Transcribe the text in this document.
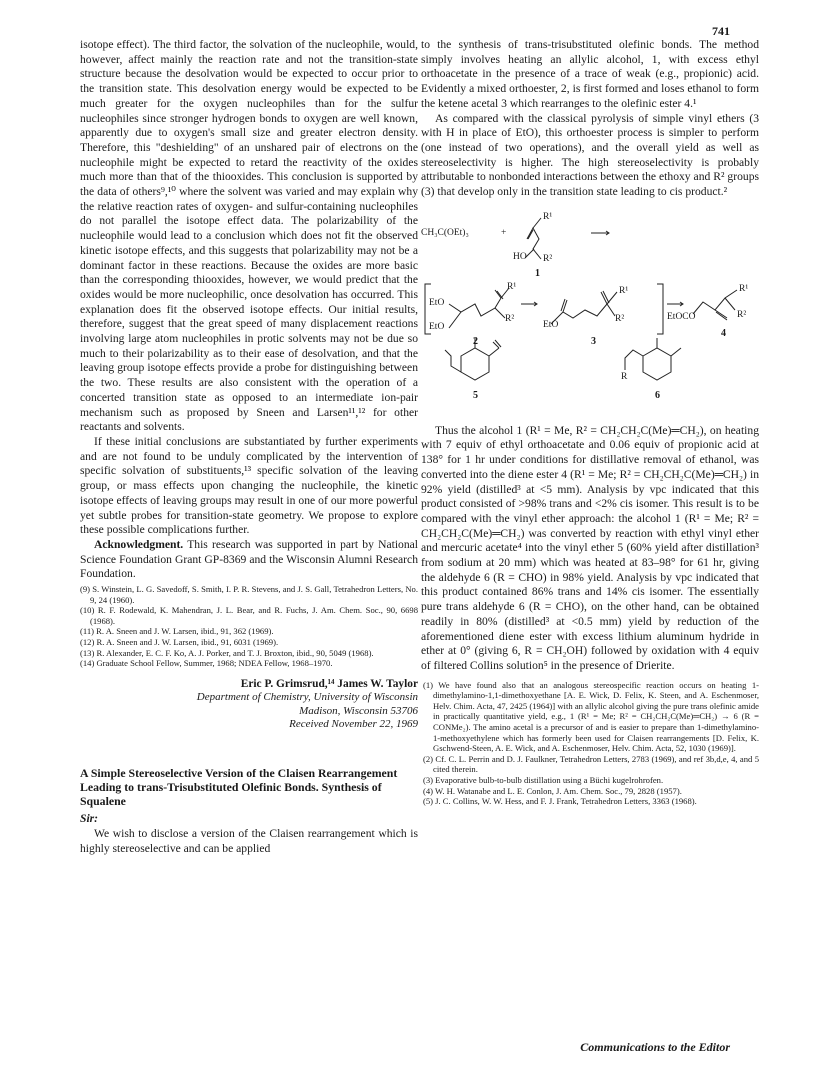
741

isotope effect). The third factor, the solvation of the nucleophile, would, however, affect mainly the reaction rate and not the transition-state structure because the desolvation would be expected to occur prior to the transition state. This desolvation energy would be expected to be much greater for the oxygen nucleophiles than for the sulfur nucleophiles since stronger hydrogen bonds to oxygen are well known, apparently due to oxygen's small size and greater electron density. Therefore, this "deshielding" of an unshared pair of electrons on the nucleophile might be expected to retard the reactivity of the oxides much more than that of the thiooxides. This conclusion is supported by the data of others⁹,¹⁰ where the solvent was varied and may explain why the relative reaction rates of oxygen- and sulfur-containing nucleophiles do not parallel the isotope effect data. The polarizability of the nucleophile would lead to a conclusion which does not fit the observed kinetic isotope effects, and this suggests that polarizability may not be a dominant factor in these reactions. Because the oxides are more basic than the corresponding thiooxides, however, we would predict that the oxides would be more nucleophilic, once desolvation has occurred. This explanation does fit the observed isotope effects. Our initial results, therefore, suggest that the great speed of many displacement reactions involving large atom nucleophiles in protic solvents may not be due so much to their polarizability as to their ease of desolvation, and that the leaving group isotope effects provide a probe for distinguishing between the two. These results are also consistent with the operation of a concerted transition state as opposed to an intermediate ion-pair mechanism such as proposed by Sneen and Larsen¹¹,¹² for other reactants and solvents.

If these initial conclusions are substantiated by further experiments and are not found to be unduly complicated by the intervention of specific solvation of substituents,¹³ specific solvation of the leaving group, or mass effects upon changing the nucleophile, the kinetic isotope effects of leaving groups may result in one of our more powerful yet subtle probes for transition-state geometry. We propose to explore these possible complications further.

Acknowledgment. This research was supported in part by National Science Foundation Grant GP-8369 and the Wisconsin Alumni Research Foundation.

(9) S. Winstein, L. G. Savedoff, S. Smith, I. P. R. Stevens, and J. S. Gall, Tetrahedron Letters, No. 9, 24 (1960).
(10) R. F. Rodewald, K. Mahendran, J. L. Bear, and R. Fuchs, J. Am. Chem. Soc., 90, 6698 (1968).
(11) R. A. Sneen and J. W. Larsen, ibid., 91, 362 (1969).
(12) R. A. Sneen and J. W. Larsen, ibid., 91, 6031 (1969).
(13) R. Alexander, E. C. F. Ko, A. J. Porker, and T. J. Broxton, ibid., 90, 5049 (1968).
(14) Graduate School Fellow, Summer, 1968; NDEA Fellow, 1968–1970.
Eric P. Grimsrud,¹⁴ James W. Taylor
Department of Chemistry, University of Wisconsin
Madison, Wisconsin 53706
Received November 22, 1969
A Simple Stereoselective Version of the Claisen Rearrangement Leading to trans-Trisubstituted Olefinic Bonds. Synthesis of Squalene
Sir:

We wish to disclose a version of the Claisen rearrangement which is highly stereoselective and can be applied

to the synthesis of trans-trisubstituted olefinic bonds. The method simply involves heating an allylic alcohol, 1, with excess ethyl orthoacetate in the presence of a trace of weak (e.g., propionic) acid. Evidently a mixed orthoester, 2, is first formed and loses ethanol to form the ketene acetal 3 which rearranges to the olefinic ester 4.¹

As compared with the classical pyrolysis of simple vinyl ethers (3 with H in place of EtO), this orthoester process is simpler to perform (one instead of two operations), and the overall yield as well as stereoselectivity is higher. The high stereoselectivity is probably attributable to nonbonded interactions between the ethoxy and R² groups (3) that develop only in the transition state leading to cis product.²

CH₃C(OEt)₃	+
HO
R¹
R²
1
EtO
EtO
R¹
R²
2
EtO
R¹
R²
3
EtOCO
R¹
R²
4
5
R
6

Thus the alcohol 1 (R¹ = Me, R² = CH₂CH₂C(Me)═CH₂), on heating with 7 equiv of ethyl orthoacetate and 0.06 equiv of propionic acid at 138° for 1 hr under conditions for distillative removal of ethanol, was converted into the diene ester 4 (R¹ = Me; R² = CH₂CH₂C(Me)═CH₂) in 92% yield (distilled³ at <5 mm). Analysis by vpc indicated that this product consisted of >98% trans and <2% cis isomer. This result is to be compared with the vinyl ether approach: the alcohol 1 (R¹ = Me; R² = CH₂CH₂C(Me)═CH₂) was converted by reaction with ethyl vinyl ether and mercuric acetate⁴ into the vinyl ether 5 (60% yield after distillation³ from sodium at 20 mm) which was heated at 83–98° for 61 hr, giving the aldehyde 6 (R = CHO) in 98% yield. Analysis by vpc indicated that this product contained 86% trans and 14% cis isomer. The essentially pure trans aldehyde 6 (R = CHO), on the other hand, can be obtained readily in 80% (distilled³ at <0.5 mm) yield by reduction of the aforementioned diene ester with excess lithium aluminum hydride in ether at 0° (giving 6, R = CH₂OH) followed by oxidation with 4 equiv of filtered Collins solution⁵ in the presence of Drierite.

(1) We have found also that an analogous stereospecific reaction occurs on heating 1-dimethylamino-1,1-dimethoxyethane [A. E. Wick, D. Felix, K. Steen, and A. Eschenmoser, Helv. Chim. Acta, 47, 2425 (1964)] with an allylic alcohol giving the pure trans olefinic amide in practically quantitative yield, e.g., 1 (R¹ = Me; R² = CH₂CH₂C(Me)═CH₂) → 6 (R = CONMe₂). The amino acetal is a precursor of and is easier to prepare than 1-dimethylamino-1-methoxyethylene which has formerly been used for Claisen rearrangements [D. Felix, K. Gschwend-Steen, A. E. Wick, and A. Eschenmoser, Helv. Chim. Acta, 52, 1030 (1969)].
(2) Cf. C. L. Perrin and D. J. Faulkner, Tetrahedron Letters, 2783 (1969), and ref 3b,d,e, 4, and 5 cited therein.
(3) Evaporative bulb-to-bulb distillation using a Büchi kugelrohrofen.
(4) W. H. Watanabe and L. E. Conlon, J. Am. Chem. Soc., 79, 2828 (1957).
(5) J. C. Collins, W. W. Hess, and F. J. Frank, Tetrahedron Letters, 3363 (1968).
Communications to the Editor
